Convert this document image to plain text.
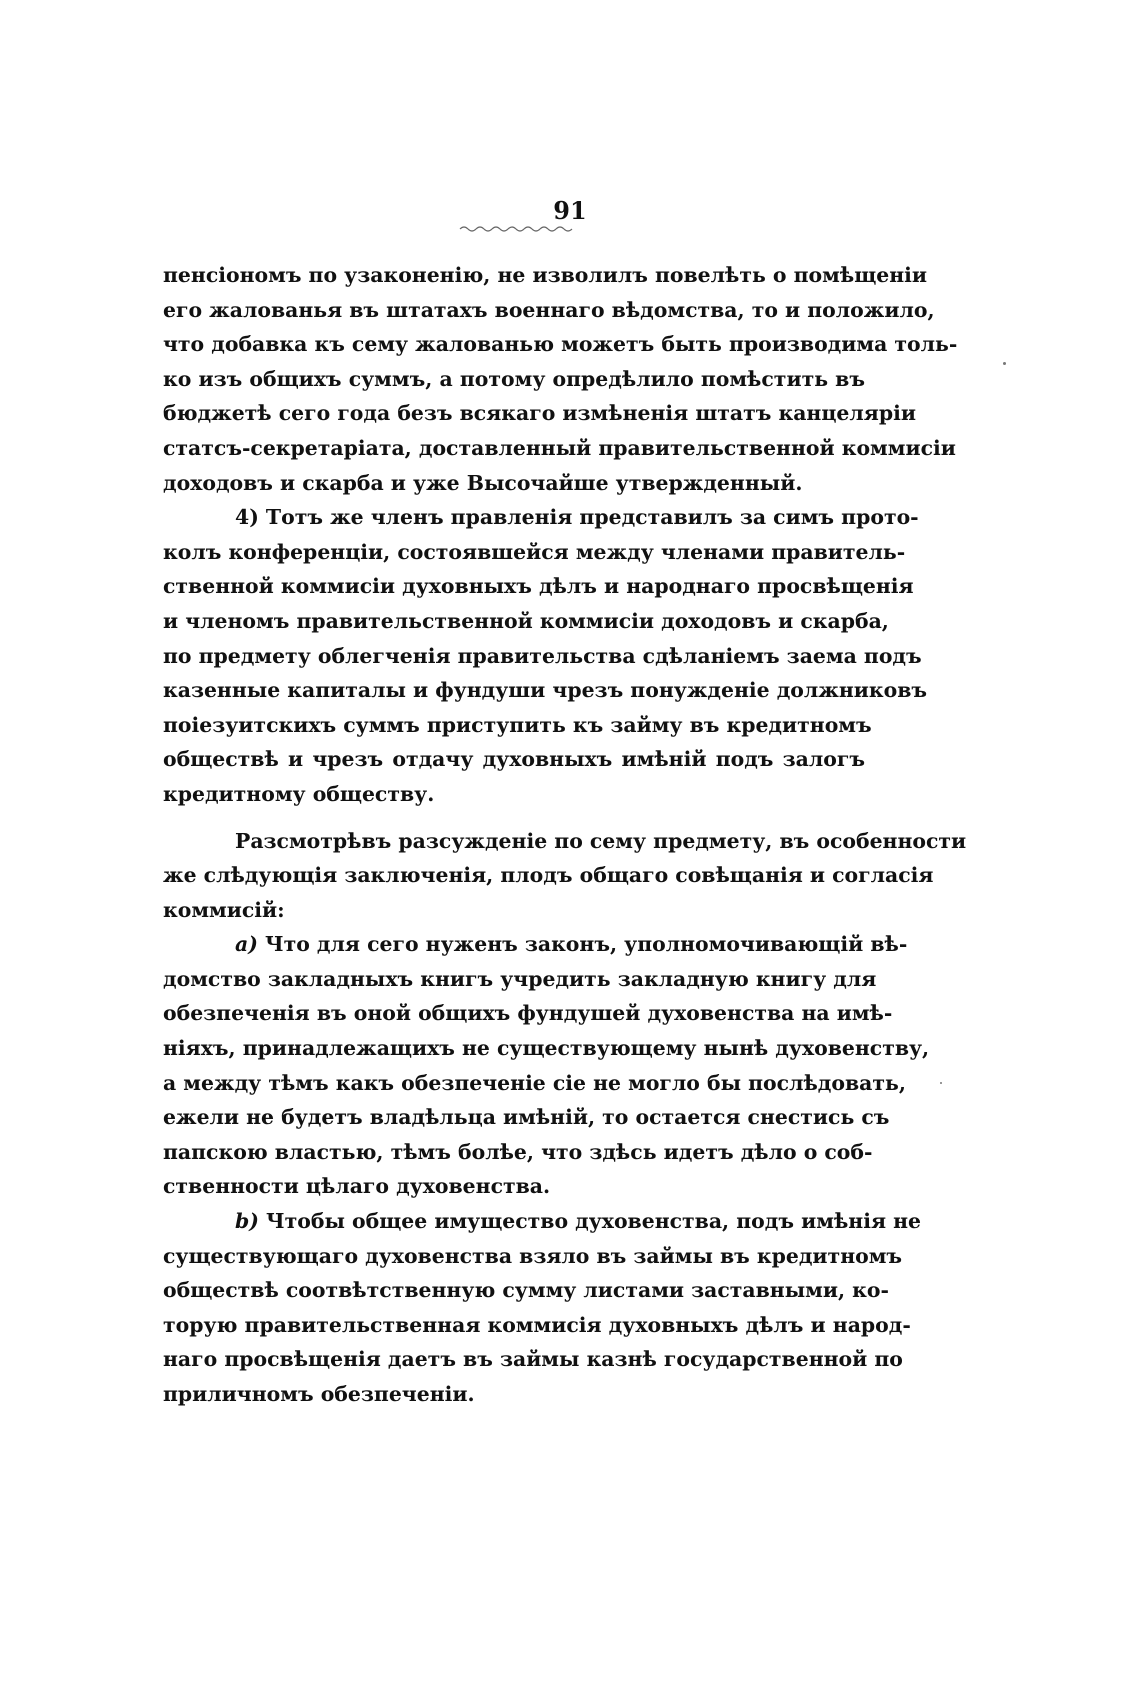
91
пенсiономъ по узаконенiю, не изволилъ повелѣть о помѣщенiи
его жалованья въ штатахъ военнаго вѣдомства, то и положило,
что добавка къ сему жалованью можетъ быть производима толь-
ко изъ общихъ суммъ, а потому опредѣлило помѣстить въ
бюджетѣ сего года безъ всякаго измѣненiя штатъ канцелярiи
статсъ-секретарiата, доставленный правительственной коммисiи
доходовъ и скарба и уже Высочайше утвержденный.
4) Тотъ же членъ правленiя представилъ за симъ прото-
колъ конференцiи, состоявшейся между членами правитель-
ственной коммисiи духовныхъ дѣлъ и народнаго просвѣщенiя
и членомъ правительственной коммисiи доходовъ и скарба,
по предмету облегченiя правительства сдѣланiемъ заема подъ
казенные капиталы и фундуши чрезъ понужденiе должниковъ
поiезуитскихъ суммъ приступить къ займу въ кредитномъ
обществѣ и чрезъ отдачу духовныхъ имѣнiй подъ залогъ
кредитному обществу.
Разсмотрѣвъ разсужденiе по сему предмету, въ особенности
же слѣдующiя заключенiя, плодъ общаго совѣщанiя и согласiя
коммисiй:
a) Что для сего нуженъ законъ, уполномочивающiй вѣ-
домство закладныхъ книгъ учредить закладную книгу для
обезпеченiя въ оной общихъ фундушей духовенства на имѣ-
нiяхъ, принадлежащихъ не существующему нынѣ духовенству,
а между тѣмъ какъ обезпеченiе сiе не могло бы послѣдовать,
ежели не будетъ владѣльца имѣнiй, то остается снестись съ
папскою властью, тѣмъ болѣе, что здѣсь идетъ дѣло о соб-
ственности цѣлаго духовенства.
b) Чтобы общее имущество духовенства, подъ имѣнiя не
существующаго духовенства взяло въ займы въ кредитномъ
обществѣ соотвѣтственную сумму листами заставными, ко-
торую правительственная коммисiя духовныхъ дѣлъ и народ-
наго просвѣщенiя даетъ въ займы казнѣ государственной по
приличномъ обезпеченiи.
